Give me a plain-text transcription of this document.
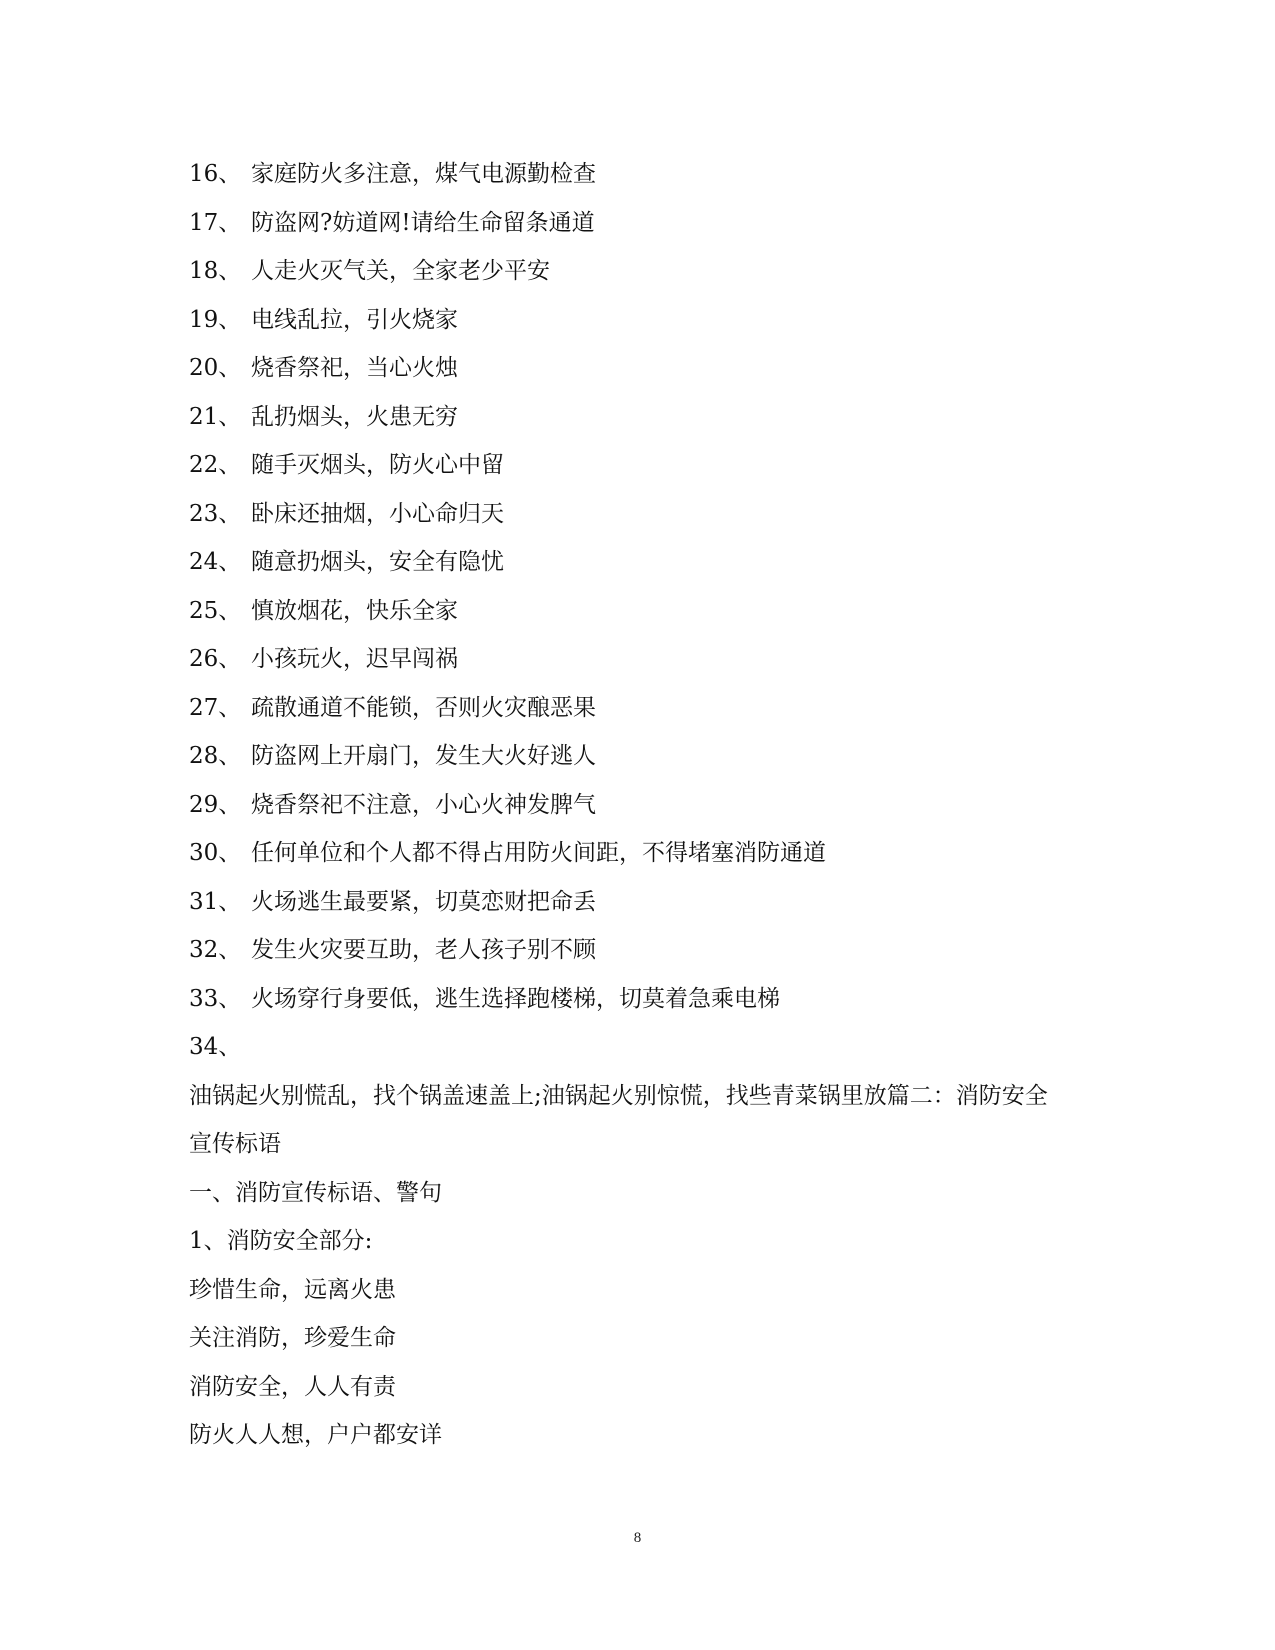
16、 家庭防火多注意，煤气电源勤检查
17、 防盗网?妨道网!请给生命留条通道
18、 人走火灭气关，全家老少平安
19、 电线乱拉，引火烧家
20、 烧香祭祀，当心火烛
21、 乱扔烟头，火患无穷
22、 随手灭烟头，防火心中留
23、 卧床还抽烟，小心命归天
24、 随意扔烟头，安全有隐忧
25、 慎放烟花，快乐全家
26、 小孩玩火，迟早闯祸
27、 疏散通道不能锁，否则火灾酿恶果
28、 防盗网上开扇门，发生大火好逃人
29、 烧香祭祀不注意，小心火神发脾气
30、 任何单位和个人都不得占用防火间距，不得堵塞消防通道
31、 火场逃生最要紧，切莫恋财把命丢
32、 发生火灾要互助，老人孩子别不顾
33、 火场穿行身要低，逃生选择跑楼梯，切莫着急乘电梯
34、
油锅起火别慌乱，找个锅盖速盖上;油锅起火别惊慌，找些青菜锅里放篇二：消防安全宣传标语
一、消防宣传标语、警句
1、消防安全部分:
珍惜生命，远离火患
关注消防，珍爱生命
消防安全，人人有责
防火人人想，户户都安详
8
